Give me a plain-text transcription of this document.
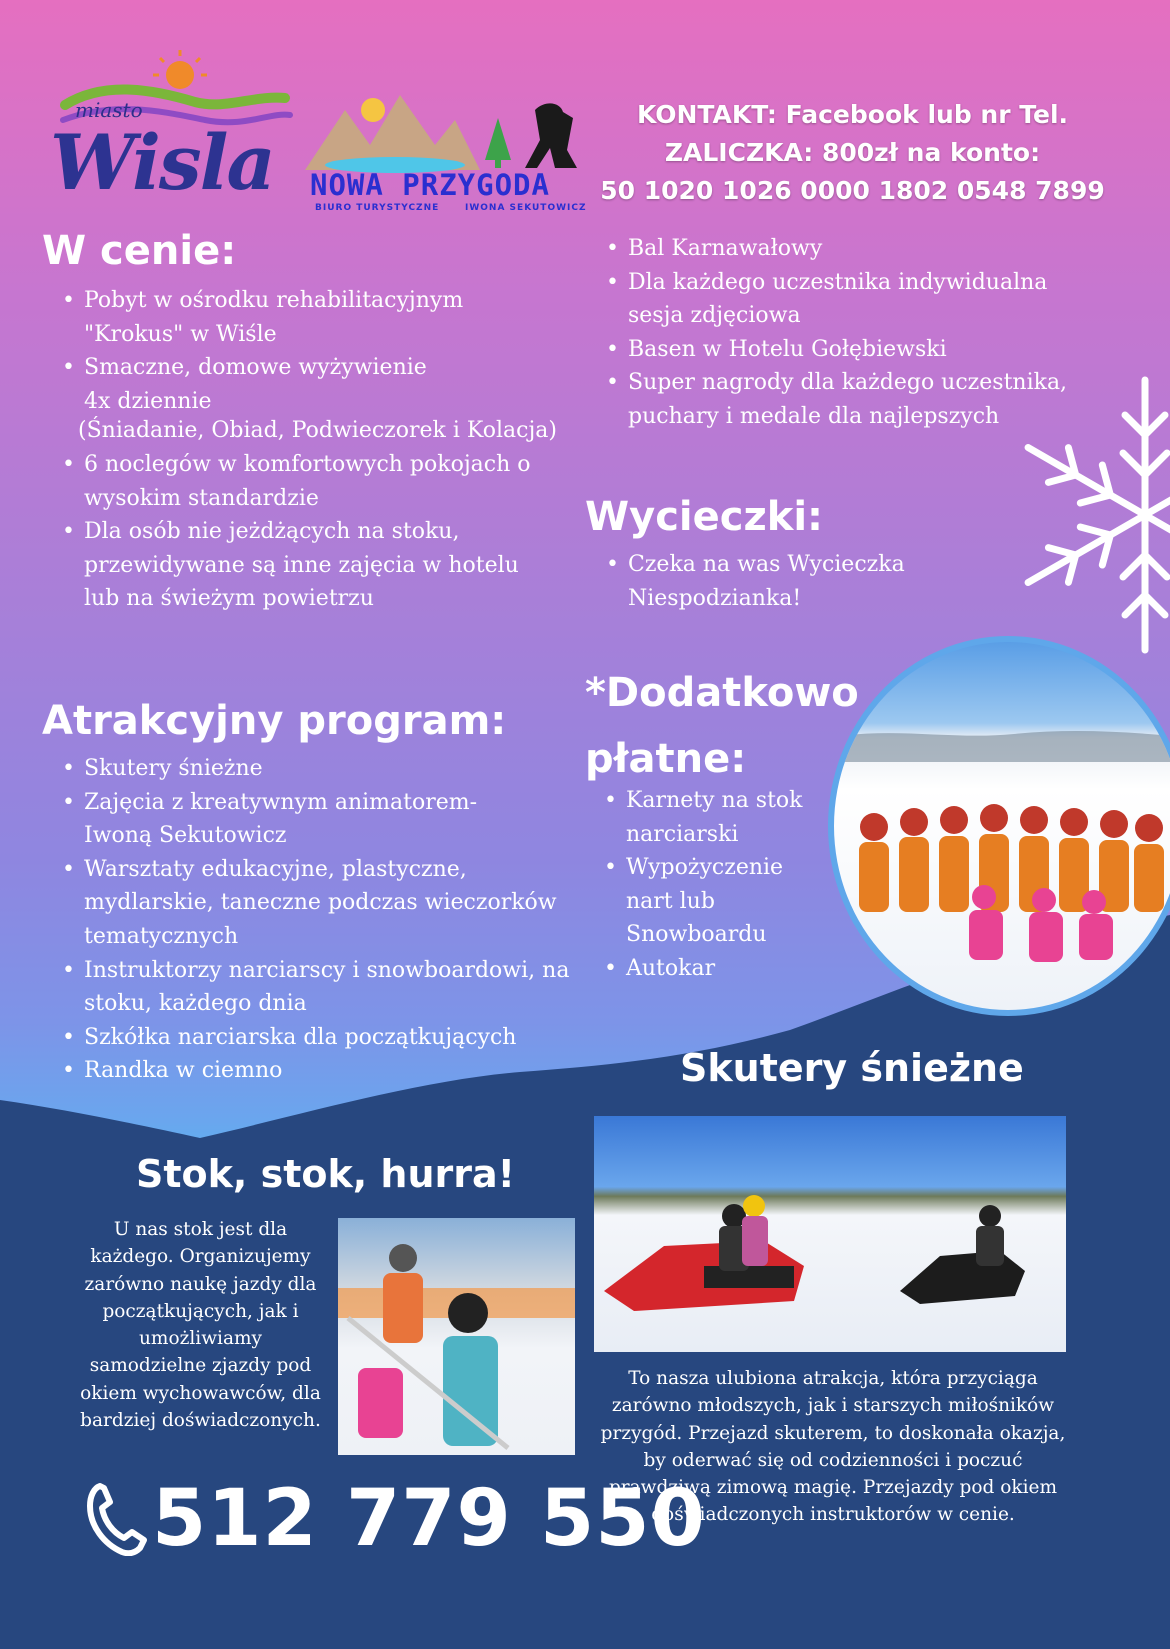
miasto
Wisla NOWA PRZYGODA
BIURO TURYSTYCZNE	IWONA SEKUTOWICZ
KONTAKT: Facebook lub nr Tel.
ZALICZKA: 800zł na konto:
50 1020 1026 0000 1802 0548 7899
W cenie:
• Pobyt w ośrodku rehabilitacyjnym "Krokus" w Wiśle
• Smaczne, domowe wyżywienie 4x dziennie
(Śniadanie, Obiad, Podwieczorek i Kolacja)
• 6 noclegów w komfortowych pokojach o wysokim standardzie
• Dla osób nie jeżdżących na stoku, przewidywane są inne zajęcia w hotelu lub na świeżym powietrzu
• Bal Karnawałowy
• Dla każdego uczestnika indywidualna sesja zdjęciowa
• Basen w Hotelu Gołębiewski
• Super nagrody dla każdego uczestnika, puchary i medale dla najlepszych
Wycieczki:
• Czeka na was Wycieczka Niespodzianka!
Atrakcyjny program:
• Skutery śnieżne
• Zajęcia z kreatywnym animatorem- Iwoną Sekutowicz
• Warsztaty edukacyjne, plastyczne, mydlarskie, taneczne podczas wieczorków tematycznych
• Instruktorzy narciarscy i snowboardowi, na stoku, każdego dnia
• Szkółka narciarska dla początkujących
• Randka w ciemno
*Dodatkowo
płatne:
• Karnety na stok narciarski
• Wypożyczenie nart lub Snowboardu
• Autokar
Skutery śnieżne
To nasza ulubiona atrakcja, która przyciąga zarówno młodszych, jak i starszych miłośników przygód. Przejazd skuterem, to doskonała okazja, by oderwać się od codzienności i poczuć prawdziwą zimową magię. Przejazdy pod okiem doświadczonych instruktorów w cenie.
Stok, stok, hurra!
U nas stok jest dla każdego. Organizujemy zarówno naukę jazdy dla początkujących, jak i umożliwiamy samodzielne zjazdy pod okiem wychowawców, dla bardziej doświadczonych.
512 779 550
